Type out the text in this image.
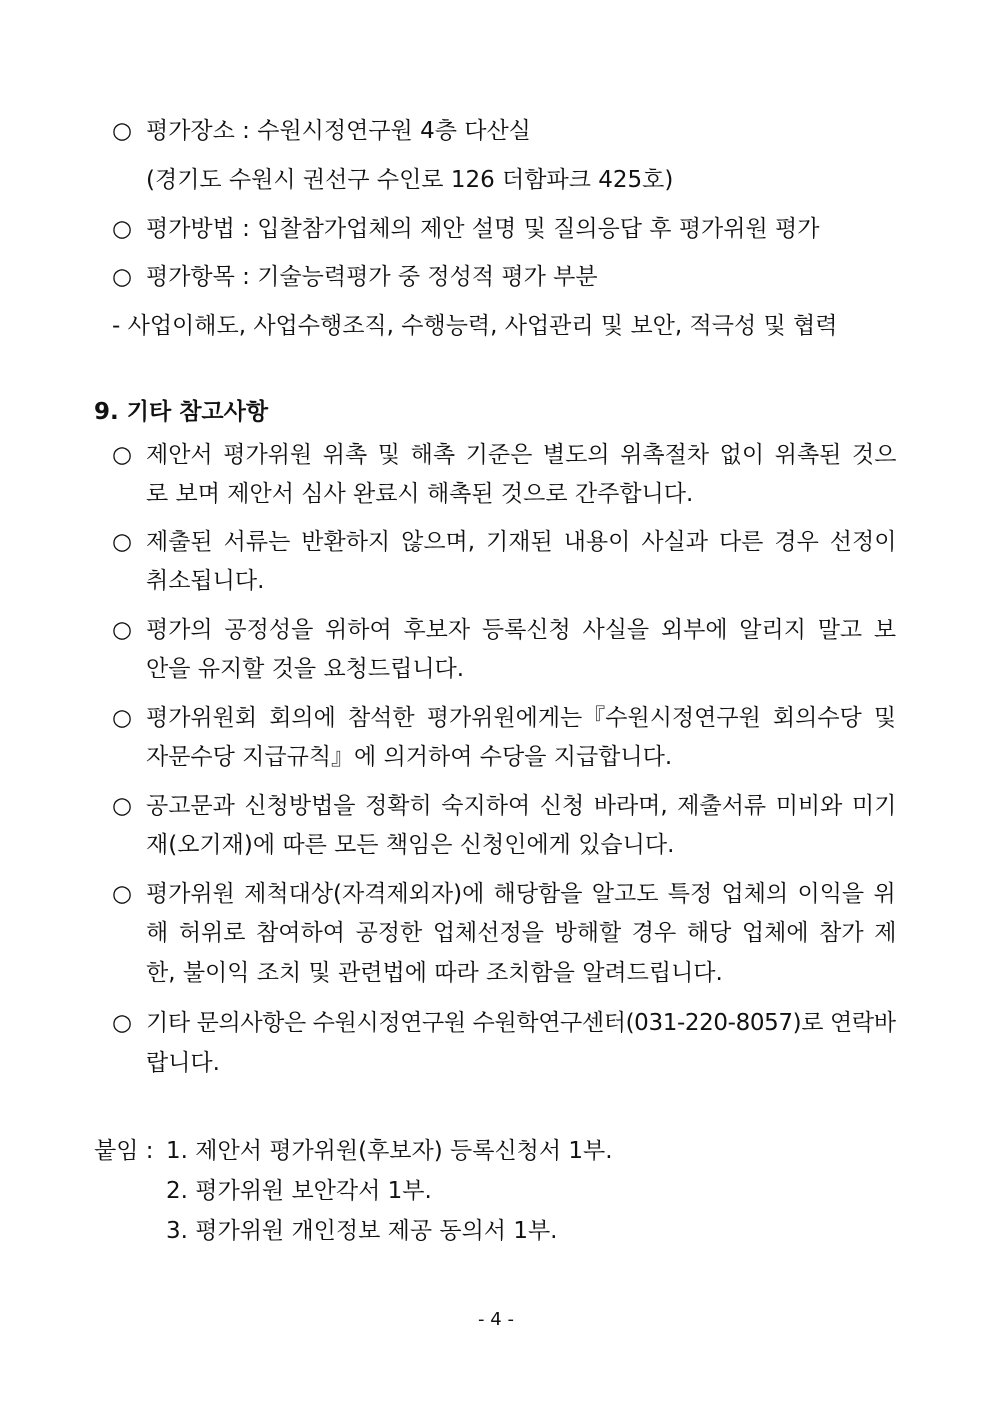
○ 평가장소 : 수원시정연구원 4층 다산실
(경기도 수원시 권선구 수인로 126 더함파크 425호)
○ 평가방법 : 입찰참가업체의 제안 설명 및 질의응답 후 평가위원 평가
○ 평가항목 : 기술능력평가 중 정성적 평가 부분
- 사업이해도, 사업수행조직, 수행능력, 사업관리 및 보안, 적극성 및 협력
9. 기타 참고사항
○ 제안서 평가위원 위촉 및 해촉 기준은 별도의 위촉절차 없이 위촉된 것으
로 보며 제안서 심사 완료시 해촉된 것으로 간주합니다.
○ 제출된 서류는 반환하지 않으며, 기재된 내용이 사실과 다른 경우 선정이
취소됩니다.
○ 평가의 공정성을 위하여 후보자 등록신청 사실을 외부에 알리지 말고 보
안을 유지할 것을 요청드립니다.
○ 평가위원회 회의에 참석한 평가위원에게는『수원시정연구원 회의수당 및
자문수당 지급규칙』에 의거하여 수당을 지급합니다.
○ 공고문과 신청방법을 정확히 숙지하여 신청 바라며, 제출서류 미비와 미기
재(오기재)에 따른 모든 책임은 신청인에게 있습니다.
○ 평가위원 제척대상(자격제외자)에 해당함을 알고도 특정 업체의 이익을 위
해 허위로 참여하여 공정한 업체선정을 방해할 경우 해당 업체에 참가 제
한, 불이익 조치 및 관련법에 따라 조치함을 알려드립니다.
○ 기타 문의사항은 수원시정연구원 수원학연구센터(031-220-8057)로 연락바
랍니다.
붙임 : 1. 제안서 평가위원(후보자) 등록신청서 1부.
2. 평가위원 보안각서 1부.
3. 평가위원 개인정보 제공 동의서 1부.
- 4 -
